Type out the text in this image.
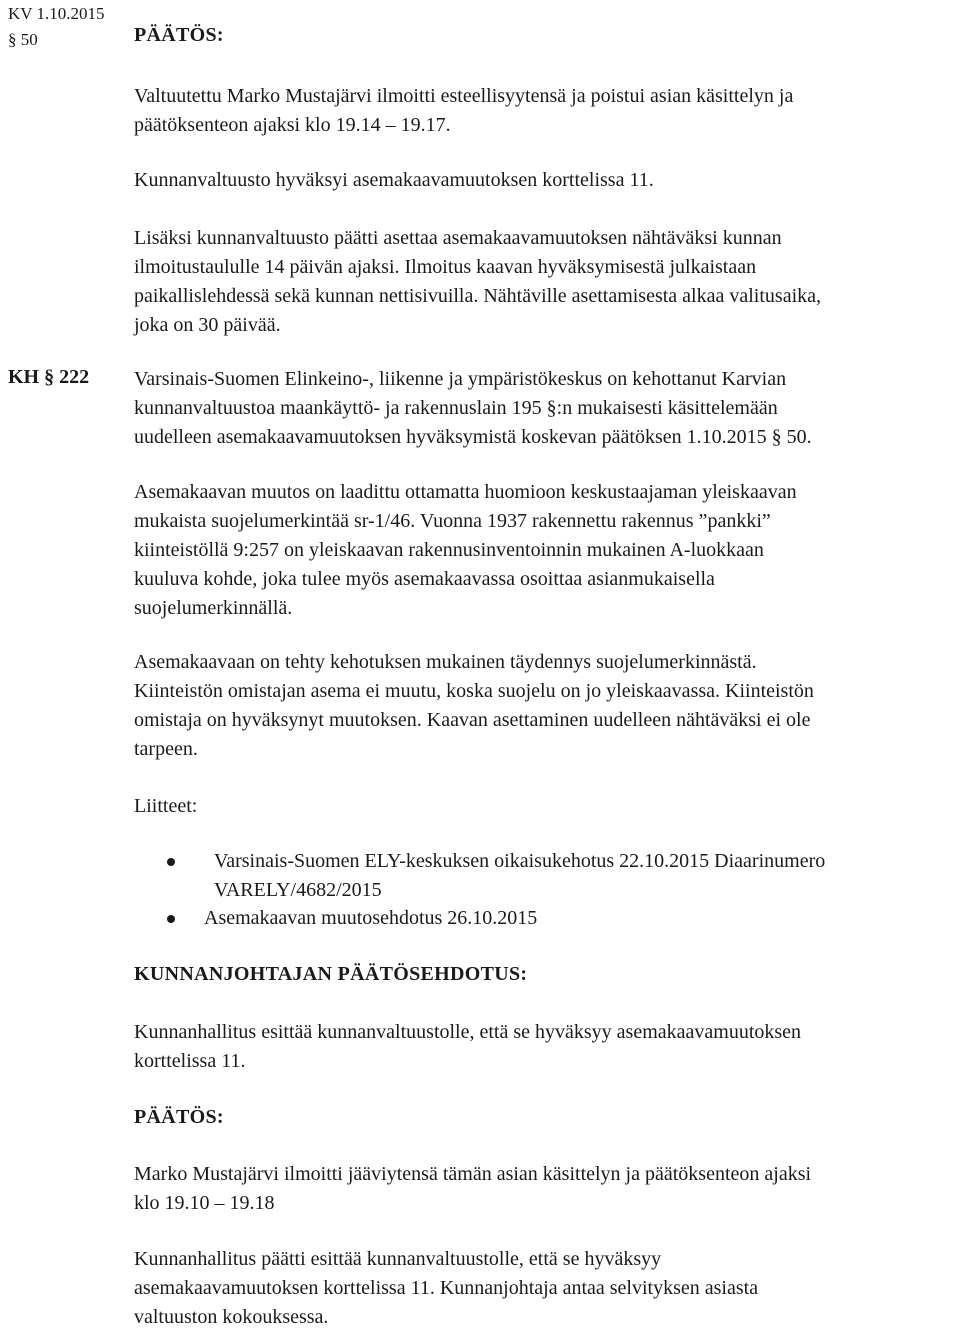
KV 1.10.2015
§ 50	PÄÄTÖS:
Valtuutettu Marko Mustajärvi ilmoitti esteellisyytensä ja poistui asian käsittelyn ja
päätöksenteon ajaksi klo 19.14 – 19.17.
Kunnanvaltuusto hyväksyi asemakaavamuutoksen korttelissa 11.
Lisäksi kunnanvaltuusto päätti asettaa asemakaavamuutoksen nähtäväksi kunnan
ilmoitustaululle 14 päivän ajaksi. Ilmoitus kaavan hyväksymisestä julkaistaan
paikallislehdessä sekä kunnan nettisivuilla. Nähtäville asettamisesta alkaa valitusaika,
joka on 30 päivää.
KH § 222 Varsinais-Suomen Elinkeino-, liikenne ja ympäristökeskus on kehottanut Karvian
kunnanvaltuustoa maankäyttö- ja rakennuslain 195 §:n mukaisesti käsittelemään
uudelleen asemakaavamuutoksen hyväksymistä koskevan päätöksen 1.10.2015 § 50.
Asemakaavan muutos on laadittu ottamatta huomioon keskustaajaman yleiskaavan
mukaista suojelumerkintää sr-1/46. Vuonna 1937 rakennettu rakennus ”pankki”
kiinteistöllä 9:257 on yleiskaavan rakennusinventoinnin mukainen A-luokkaan
kuuluva kohde, joka tulee myös asemakaavassa osoittaa asianmukaisella
suojelumerkinnällä.
Asemakaavaan on tehty kehotuksen mukainen täydennys suojelumerkinnästä.
Kiinteistön omistajan asema ei muutu, koska suojelu on jo yleiskaavassa. Kiinteistön
omistaja on hyväksynyt muutoksen. Kaavan asettaminen uudelleen nähtäväksi ei ole
tarpeen.
Liitteet:
Varsinais-Suomen ELY-keskuksen oikaisukehotus 22.10.2015 Diaarinumero
VARELY/4682/2015
Asemakaavan muutosehdotus 26.10.2015
KUNNANJOHTAJAN PÄÄTÖSEHDOTUS:
Kunnanhallitus esittää kunnanvaltuustolle, että se hyväksyy asemakaavamuutoksen
korttelissa 11.
PÄÄTÖS:
Marko Mustajärvi ilmoitti jääviytensä tämän asian käsittelyn ja päätöksenteon ajaksi
klo 19.10 – 19.18
Kunnanhallitus päätti esittää kunnanvaltuustolle, että se hyväksyy
asemakaavamuutoksen korttelissa 11. Kunnanjohtaja antaa selvityksen asiasta
valtuuston kokouksessa.
